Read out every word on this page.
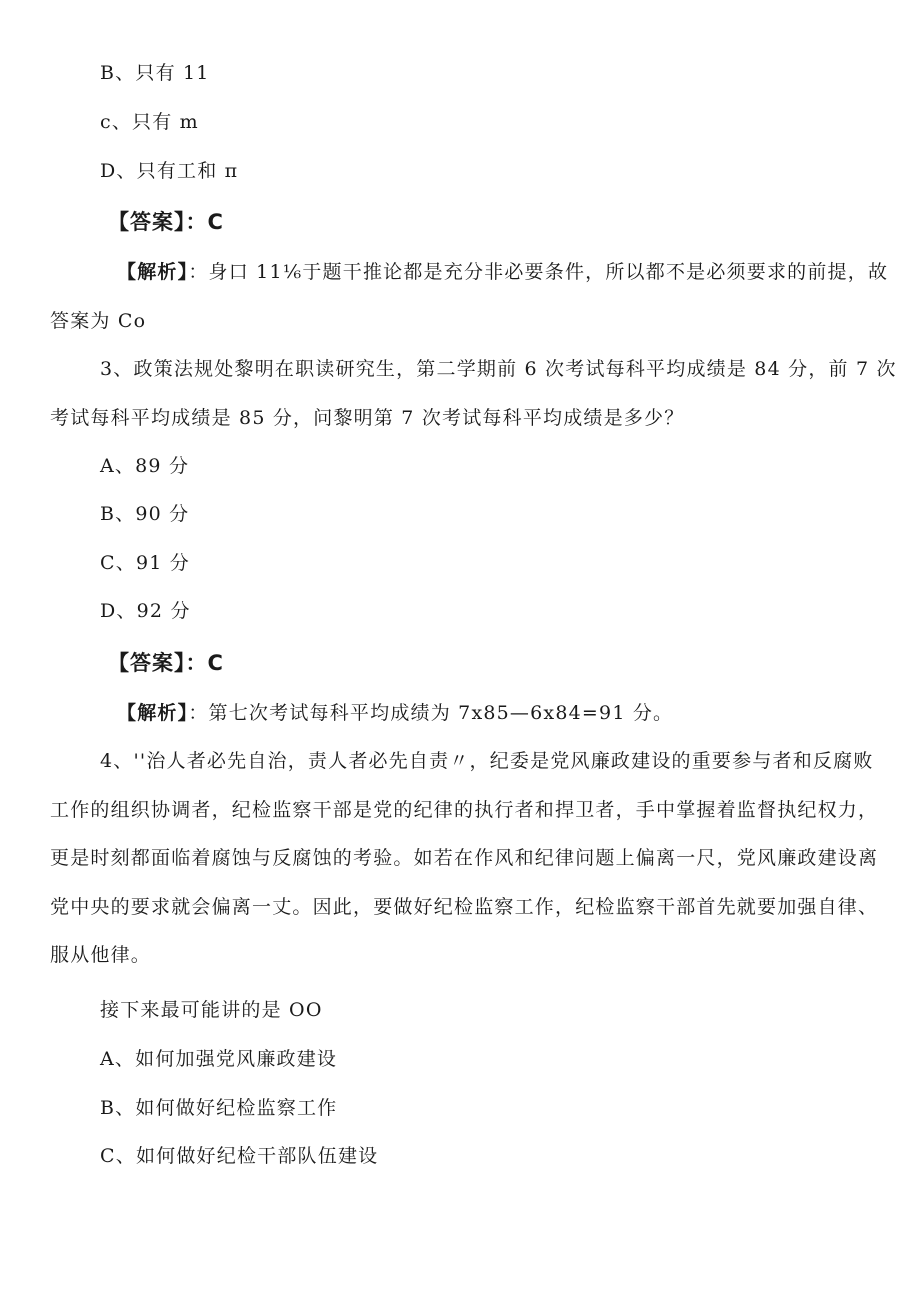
B、只有 11
c、只有 m
D、只有工和 π
【答案】：C
【解析】：身口 11⅙于题干推论都是充分非必要条件，所以都不是必须要求的前提，故
答案为 Co
3、政策法规处黎明在职读研究生，第二学期前 6 次考试每科平均成绩是 84 分，前 7 次
考试每科平均成绩是 85 分，问黎明第 7 次考试每科平均成绩是多少？
A、89 分
B、90 分
C、91 分
D、92 分
【答案】：C
【解析】：第七次考试每科平均成绩为 7x85—6x84=91 分。
4、''治人者必先自治，责人者必先自责〃，纪委是党风廉政建设的重要参与者和反腐败
工作的组织协调者，纪检监察干部是党的纪律的执行者和捍卫者，手中掌握着监督执纪权力，
更是时刻都面临着腐蚀与反腐蚀的考验。如若在作风和纪律问题上偏离一尺，党风廉政建设离
党中央的要求就会偏离一丈。因此，要做好纪检监察工作，纪检监察干部首先就要加强自律、
服从他律。
接下来最可能讲的是 OO
A、如何加强党风廉政建设
B、如何做好纪检监察工作
C、如何做好纪检干部队伍建设
